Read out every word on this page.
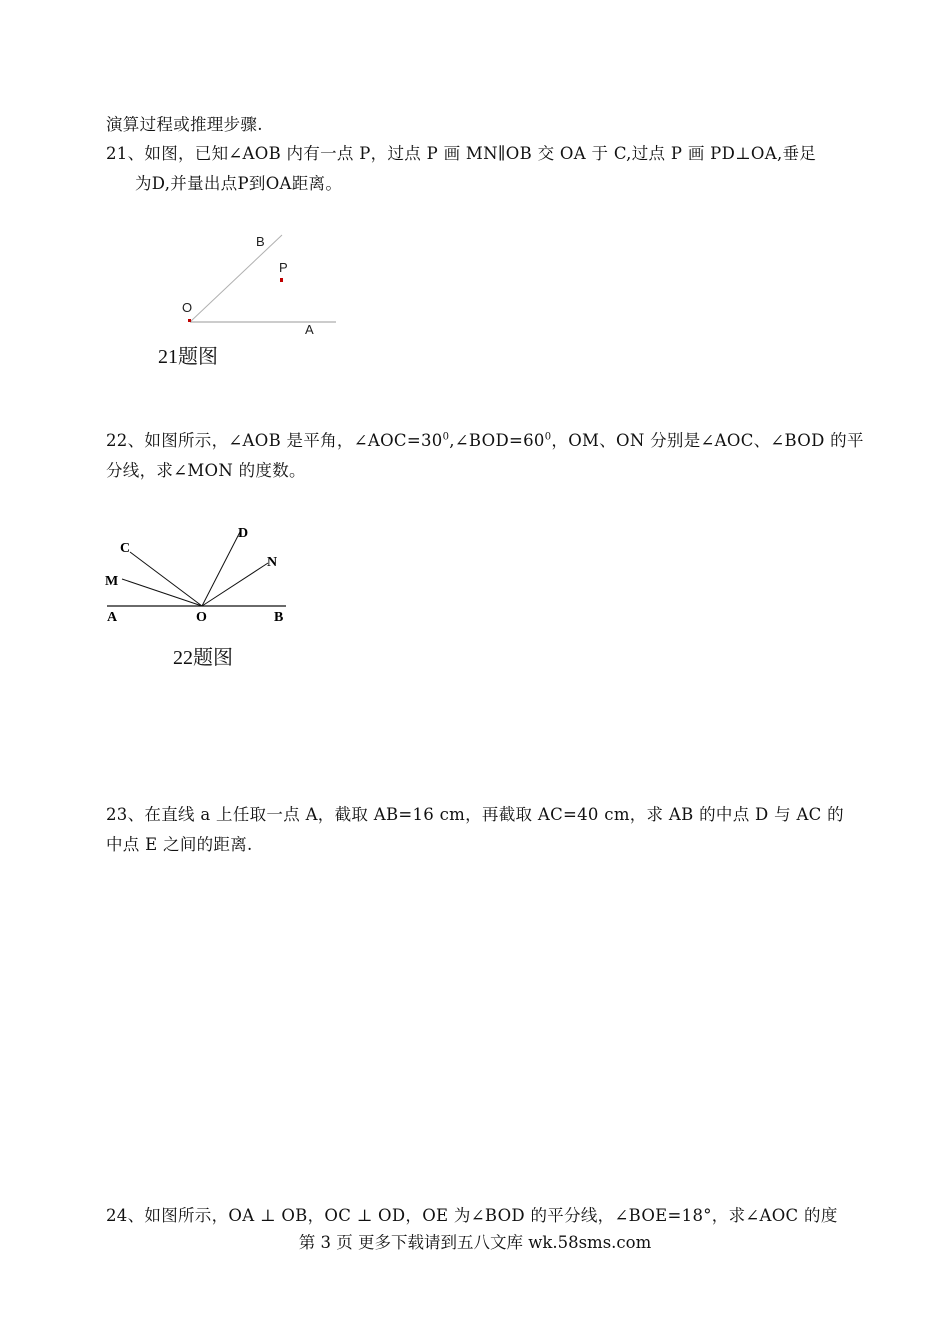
演算过程或推理步骤.
21、如图，已知∠AOB 内有一点 P，过点 P 画 MN∥OB 交 OA 于 C,过点 P 画 PD⊥OA,垂足
为D,并量出点P到OA距离。
B
P
O
A
21题图
22、如图所示，∠AOB 是平角，$\angle AOC=30^0,\angle BOD=60^0$，OM、ON 分别是∠AOC、∠BOD 的平
分线，求∠MON 的度数。
C
D
M
N
A	O	B
22题图
23、在直线 a 上任取一点 A，截取 AB=16 cm，再截取 AC=40 cm，求 AB 的中点 D 与 AC 的
中点 E 之间的距离.
24、如图所示，OA ⊥ OB，OC ⊥ OD，OE 为∠BOD 的平分线，∠BOE=18°，求∠AOC 的度
第 3 页 更多下载请到五八文库 wk.58sms.com
